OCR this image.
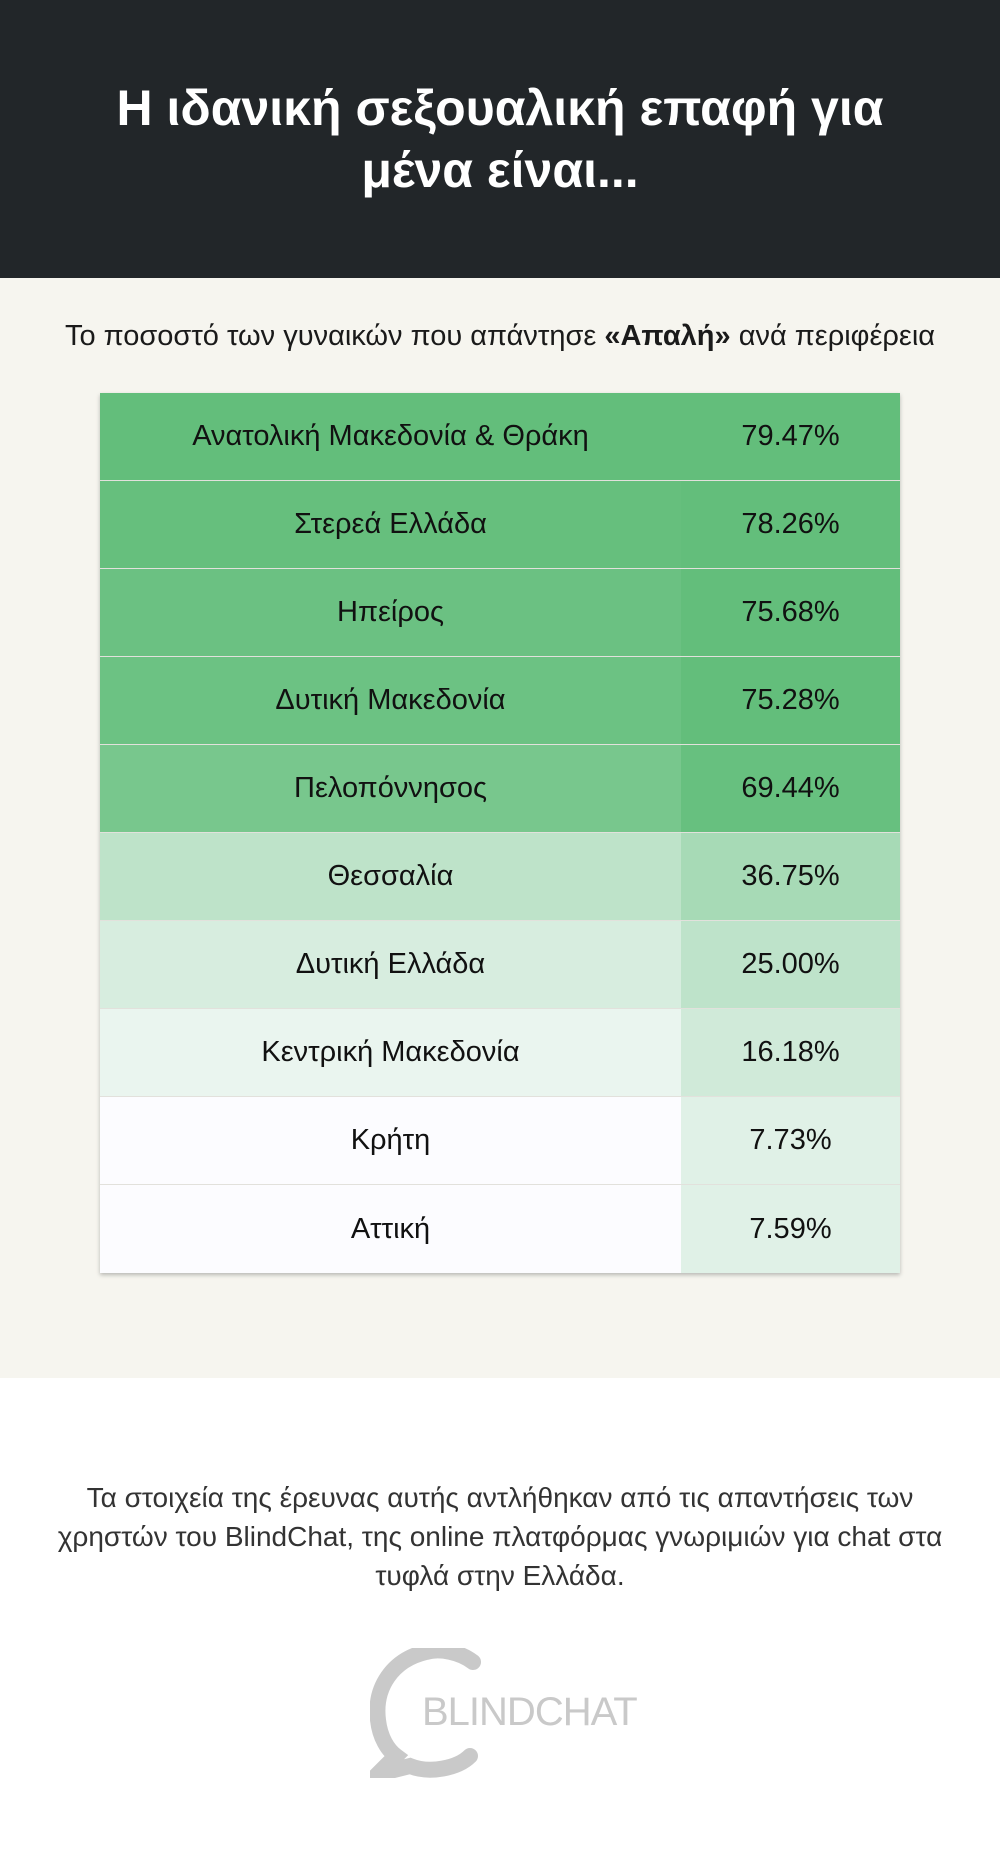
Η ιδανική σεξουαλική επαφή για μένα είναι...
Το ποσοστό των γυναικών που απάντησε «Απαλή» ανά περιφέρεια
Ανατολική Μακεδονία & Θράκη	79.47%
Στερεά Ελλάδα	78.26%
Ηπείρος	75.68%
Δυτική Μακεδονία	75.28%
Πελοπόννησος	69.44%
Θεσσαλία	36.75%
Δυτική Ελλάδα	25.00%
Κεντρική Μακεδονία	16.18%
Κρήτη	7.73%
Αττική	7.59%
Τα στοιχεία της έρευνας αυτής αντλήθηκαν από τις απαντήσεις των χρηστών του BlindChat, της online πλατφόρμας γνωριμιών για chat στα τυφλά στην Ελλάδα.
BLINDCHAT
